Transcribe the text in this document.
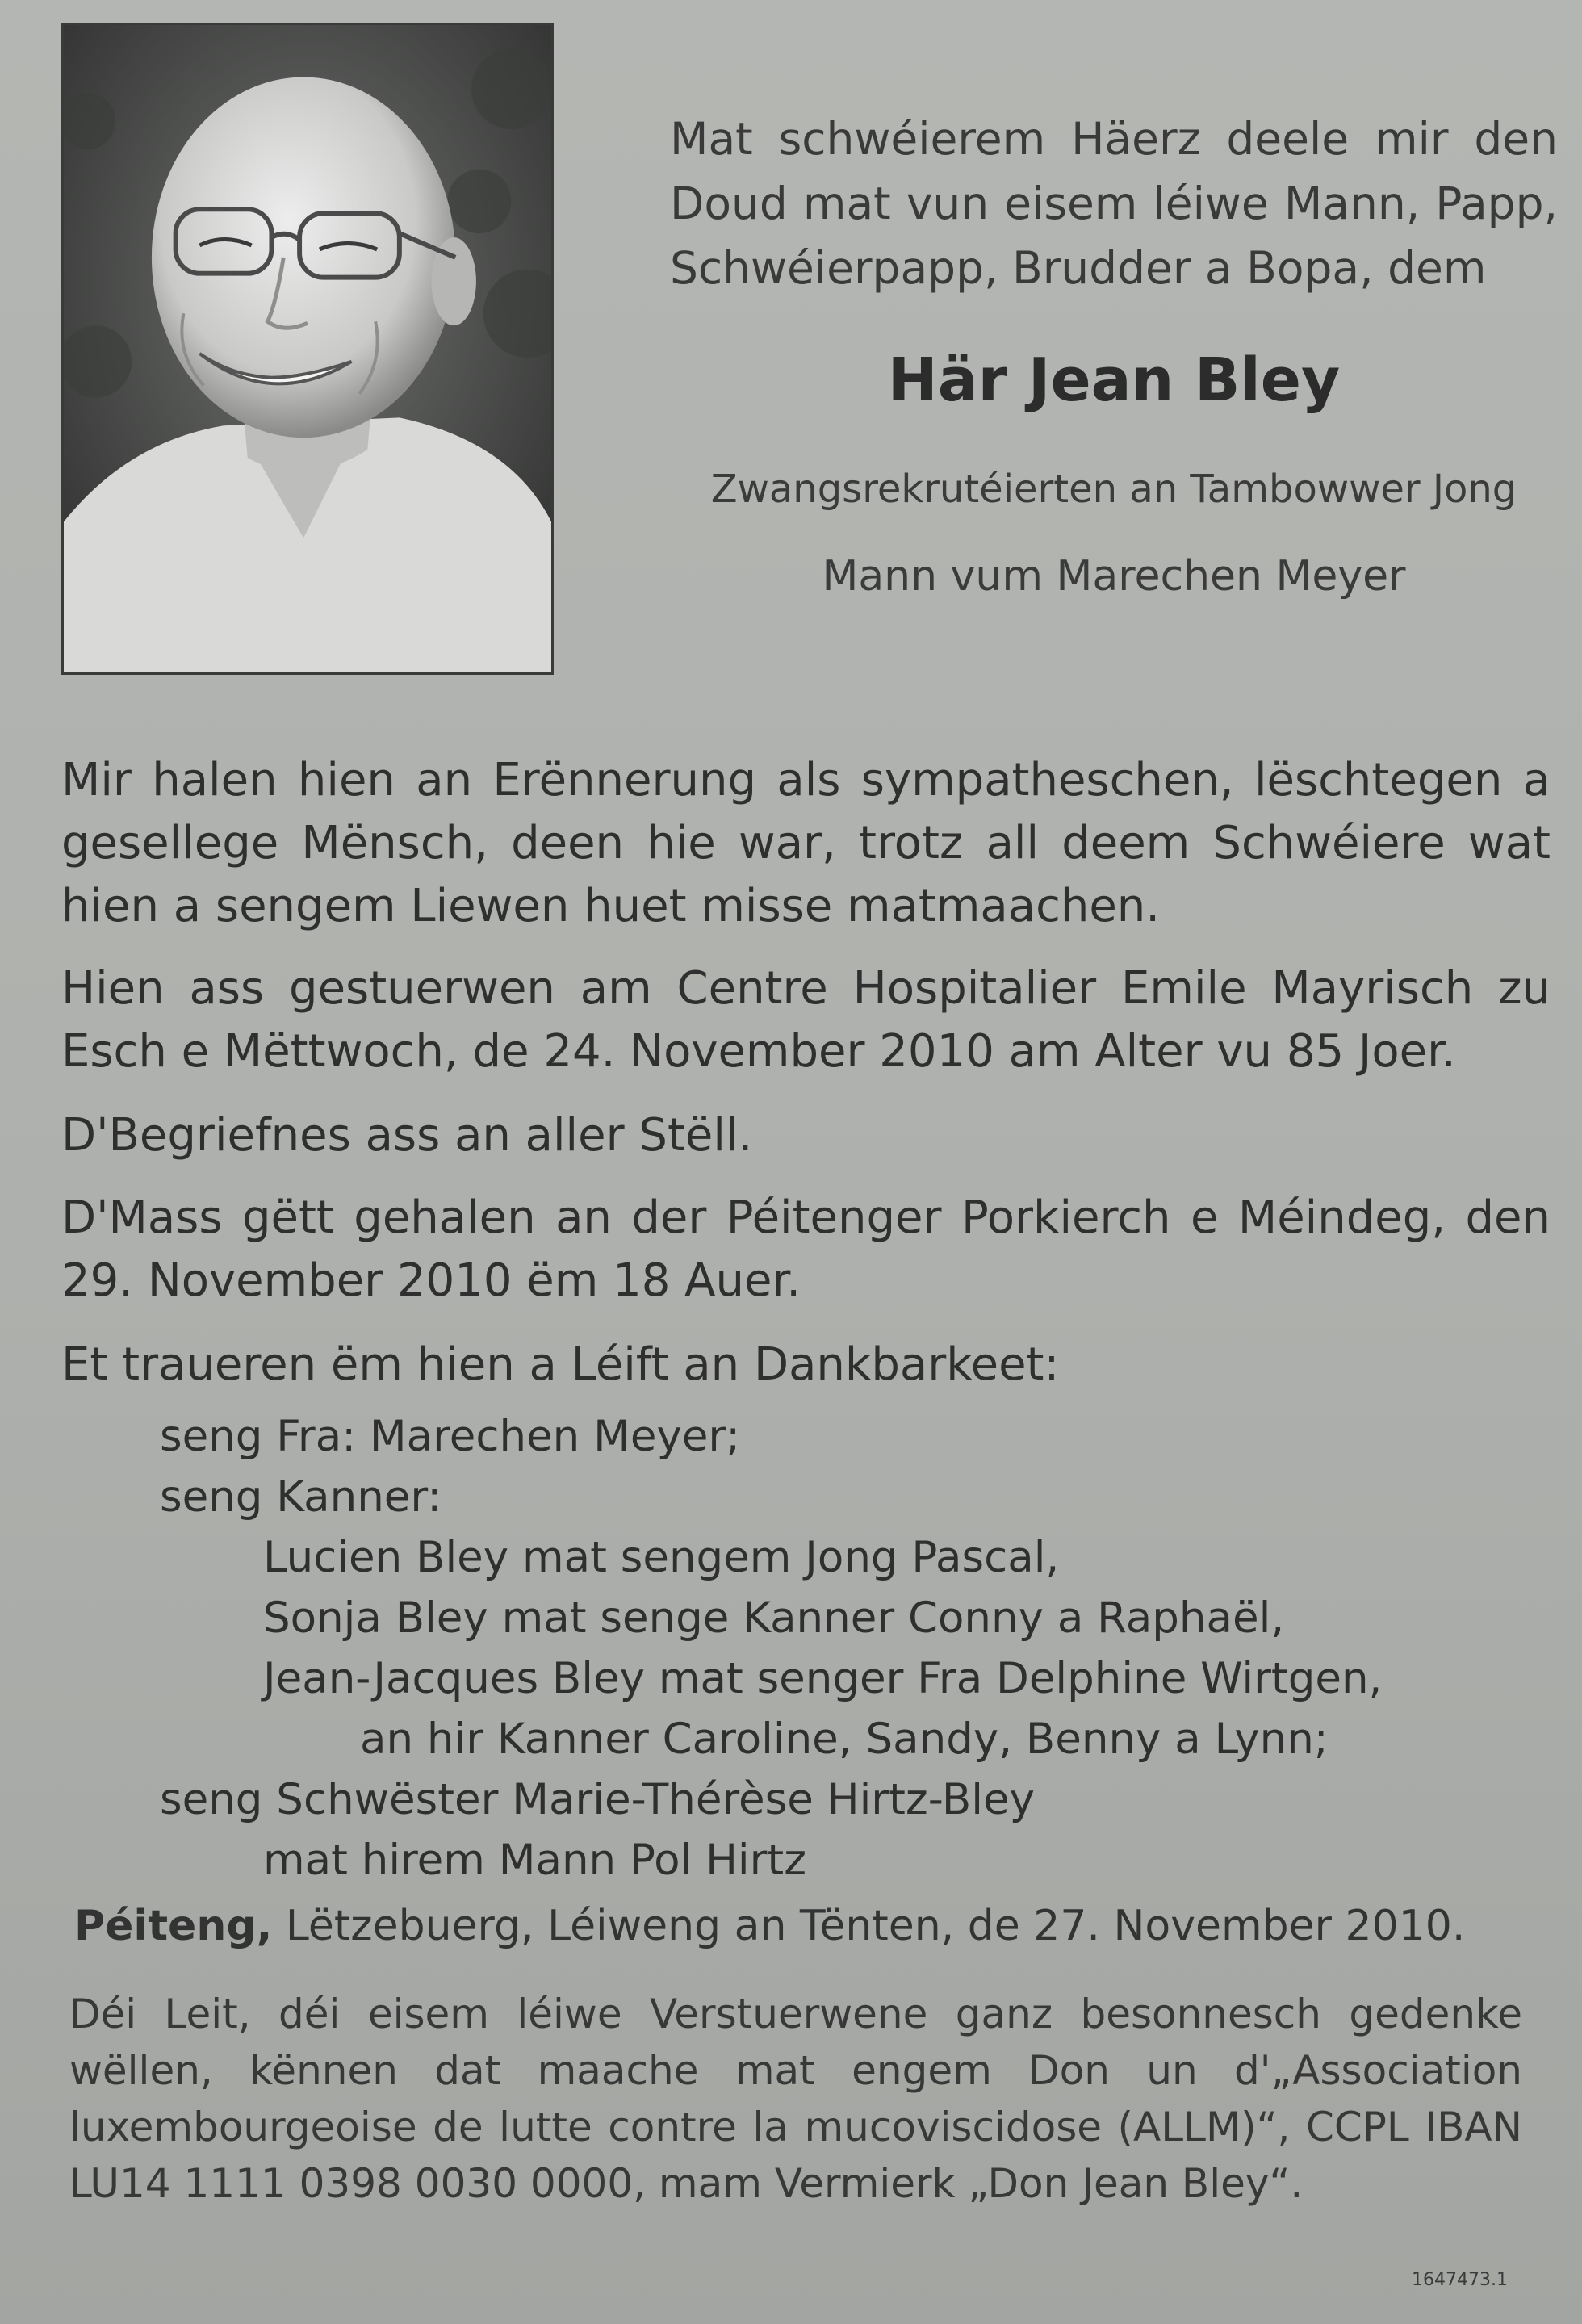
Mat schwéierem Häerz deele mir den Doud mat vun eisem léiwe Mann, Papp, Schwéierpapp, Brudder a Bopa, dem
Här Jean Bley
Zwangsrekrutéierten an Tambowwer Jong
Mann vum Marechen Meyer
Mir halen hien an Erënnerung als sympatheschen, lëschtegen a gesellege Mënsch, deen hie war, trotz all deem Schwéiere wat hien a sengem Liewen huet misse matmaachen.
Hien ass gestuerwen am Centre Hospitalier Emile Mayrisch zu Esch e Mëttwoch, de 24. November 2010 am Alter vu 85 Joer.
D'Begriefnes ass an aller Stëll.
D'Mass gëtt gehalen an der Péitenger Porkierch e Méindeg, den 29. November 2010 ëm 18 Auer.
Et traueren ëm hien a Léift an Dankbarkeet:
seng Fra: Marechen Meyer;
seng Kanner:
Lucien Bley mat sengem Jong Pascal,
Sonja Bley mat senge Kanner Conny a Raphaël,
Jean-Jacques Bley mat senger Fra Delphine Wirtgen,
an hir Kanner Caroline, Sandy, Benny a Lynn;
seng Schwëster Marie-Thérèse Hirtz-Bley
mat hirem Mann Pol Hirtz
Péiteng, Lëtzebuerg, Léiweng an Tënten, de 27. November 2010.
Déi Leit, déi eisem léiwe Verstuerwene ganz besonnesch gedenke wëllen, kënnen dat maache mat engem Don un d'„Association luxembourgeoise de lutte contre la mucoviscidose (ALLM)“, CCPL IBAN LU14 1111 0398 0030 0000, mam Vermierk „Don Jean Bley“.
1647473.1
